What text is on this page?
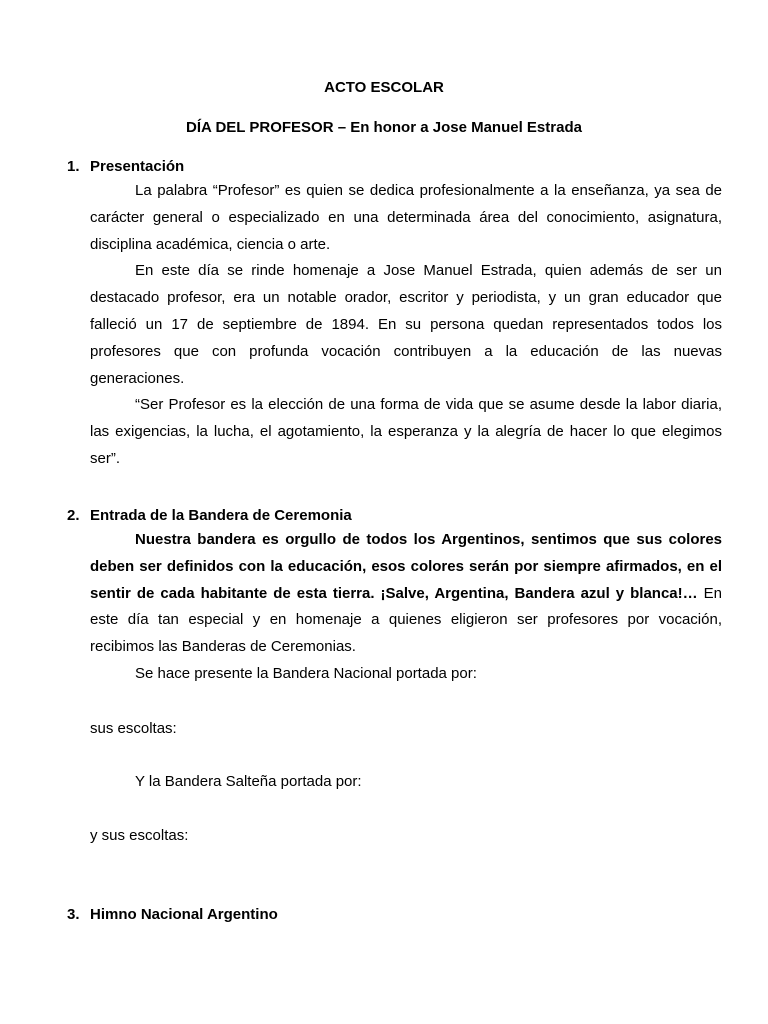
ACTO ESCOLAR
DÍA DEL PROFESOR – En honor a Jose Manuel Estrada
1. Presentación

La palabra “Profesor” es quien se dedica profesionalmente a la enseñanza, ya sea de carácter general o especializado en una determinada área del conocimiento, asignatura, disciplina académica, ciencia o arte.

En este día se rinde homenaje a Jose Manuel Estrada, quien además de ser un destacado profesor, era un notable orador, escritor y periodista, y un gran educador que falleció un 17 de septiembre de 1894. En su persona quedan representados todos los profesores que con profunda vocación contribuyen a la educación de las nuevas generaciones.

“Ser Profesor es la elección de una forma de vida que se asume desde la labor diaria, las exigencias, la lucha, el agotamiento, la esperanza y la alegría de hacer lo que elegimos ser”.

2. Entrada de la Bandera de Ceremonia

Nuestra bandera es orgullo de todos los Argentinos, sentimos que sus colores deben ser definidos con la educación, esos colores serán por siempre afirmados, en el sentir de cada habitante de esta tierra. ¡Salve, Argentina, Bandera azul y blanca!… En este día tan especial y en homenaje a quienes eligieron ser profesores por vocación, recibimos las Banderas de Ceremonias.

Se hace presente la Bandera Nacional portada por:

sus escoltas:
Y la Bandera Salteña portada por:
y sus escoltas:
3. Himno Nacional Argentino
